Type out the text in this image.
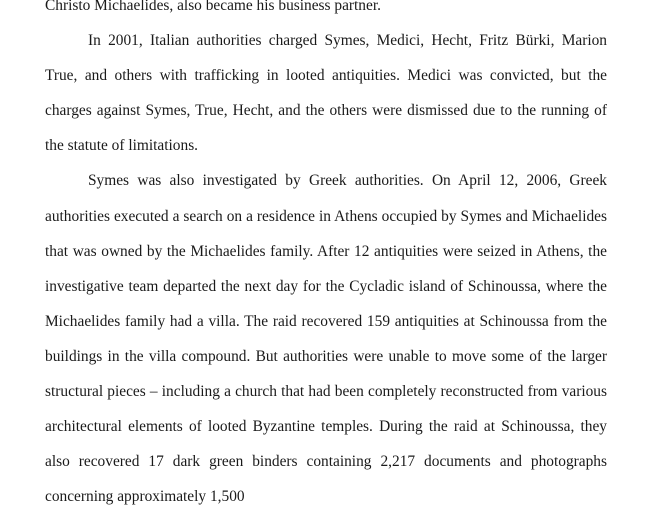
Christo Michaelides, also became his business partner.

In 2001, Italian authorities charged Symes, Medici, Hecht, Fritz Bürki, Marion True, and others with trafficking in looted antiquities. Medici was convicted, but the charges against Symes, True, Hecht, and the others were dismissed due to the running of the statute of limitations.

Symes was also investigated by Greek authorities. On April 12, 2006, Greek authorities executed a search on a residence in Athens occupied by Symes and Michaelides that was owned by the Michaelides family. After 12 antiquities were seized in Athens, the investigative team departed the next day for the Cycladic island of Schinoussa, where the Michaelides family had a villa. The raid recovered 159 antiquities at Schinoussa from the buildings in the villa compound. But authorities were unable to move some of the larger structural pieces – including a church that had been completely reconstructed from various architectural elements of looted Byzantine temples. During the raid at Schinoussa, they also recovered 17 dark green binders containing 2,217 documents and photographs concerning approximately 1,500
